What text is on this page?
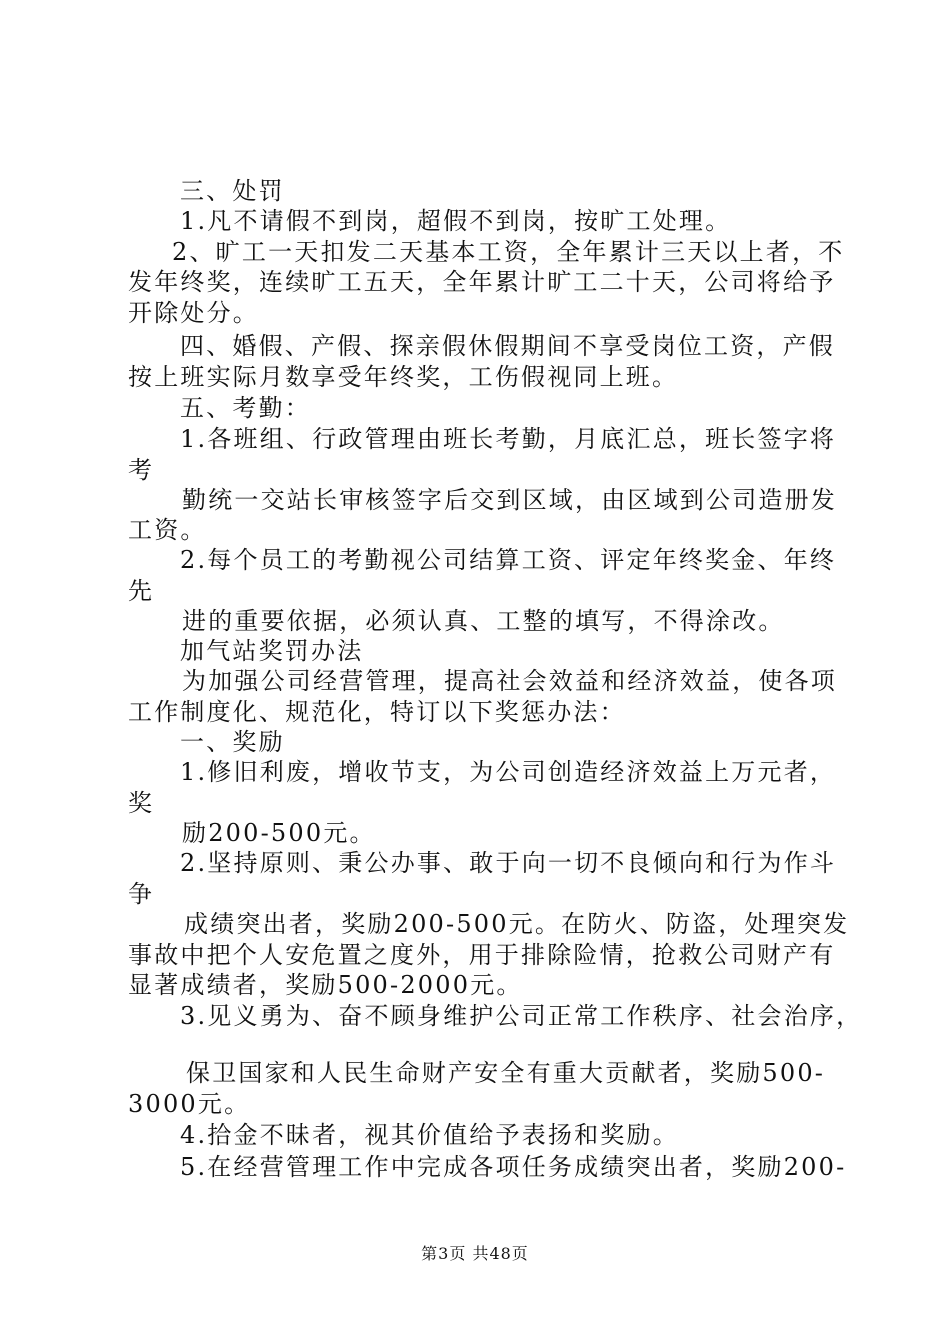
三、处罚
1.凡不请假不到岗，超假不到岗，按旷工处理。
2、旷工一天扣发二天基本工资，全年累计三天以上者，不
发年终奖，连续旷工五天，全年累计旷工二十天，公司将给予
开除处分。
四、婚假、产假、探亲假休假期间不享受岗位工资，产假
按上班实际月数享受年终奖，工伤假视同上班。
五、考勤：
1.各班组、行政管理由班长考勤，月底汇总，班长签字将
考
勤统一交站长审核签字后交到区域，由区域到公司造册发
工资。
2.每个员工的考勤视公司结算工资、评定年终奖金、年终
先
进的重要依据，必须认真、工整的填写，不得涂改。
加气站奖罚办法
为加强公司经营管理，提高社会效益和经济效益，使各项
工作制度化、规范化，特订以下奖惩办法：
一、奖励
1.修旧利废，增收节支，为公司创造经济效益上万元者，
奖
励200-500元。
2.坚持原则、秉公办事、敢于向一切不良倾向和行为作斗
争
成绩突出者，奖励200-500元。在防火、防盗，处理突发
事故中把个人安危置之度外，用于排除险情，抢救公司财产有
显著成绩者，奖励500-2000元。
3.见义勇为、奋不顾身维护公司正常工作秩序、社会治序，
保卫国家和人民生命财产安全有重大贡献者，奖励500-
3000元。
4.拾金不昧者，视其价值给予表扬和奖励。
5.在经营管理工作中完成各项任务成绩突出者，奖励200-
第3页 共48页
